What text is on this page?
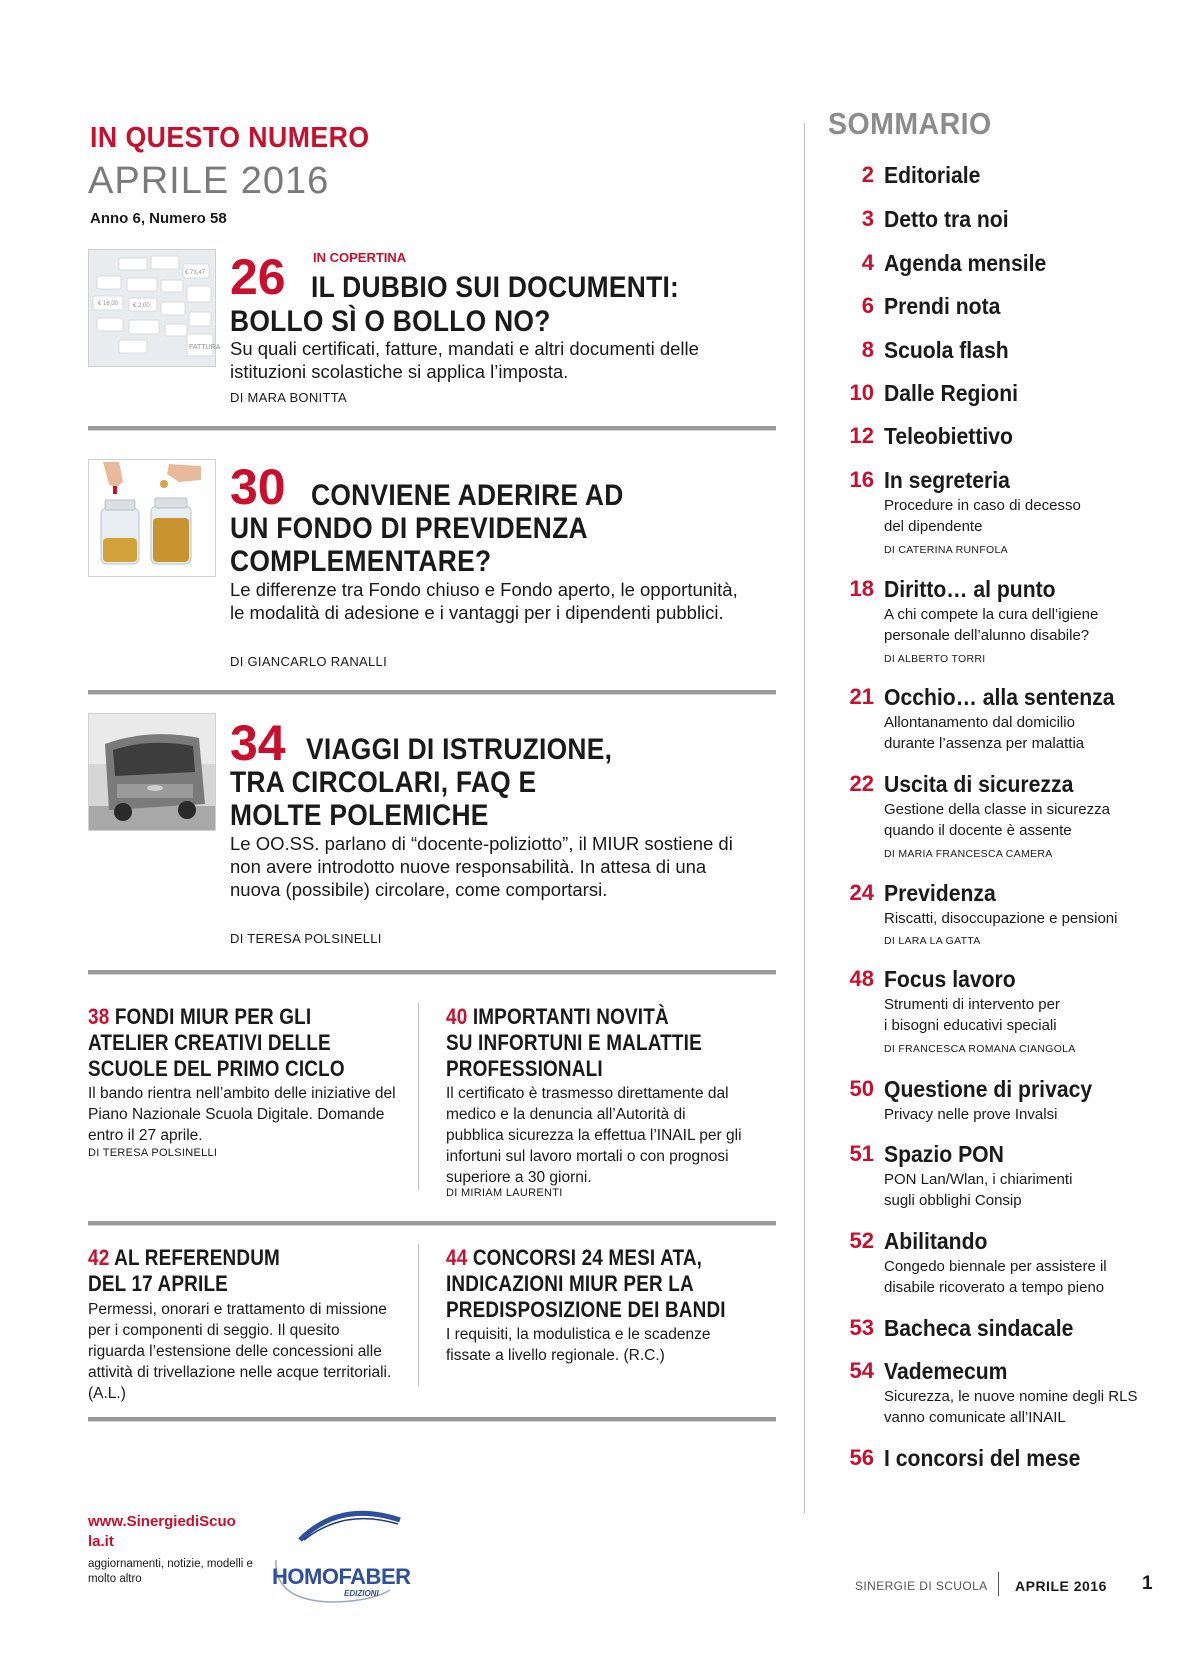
IN QUESTO NUMERO
APRILE 2016
Anno 6, Numero 58
€ 16,00 € 2,00
€ 73,47
FATTURA
IN COPERTINA
26 IL DUBBIO SUI DOCUMENTI:
BOLLO SÌ O BOLLO NO?
Su quali certificati, fatture, mandati e altri documenti delle istituzioni scolastiche si applica l’imposta.
DI MARA BONITTA
30 CONVIENE ADERIRE AD
UN FONDO DI PREVIDENZA
COMPLEMENTARE?
Le differenze tra Fondo chiuso e Fondo aperto, le opportunità, le modalità di adesione e i vantaggi per i dipendenti pubblici.
DI GIANCARLO RANALLI
34 VIAGGI DI ISTRUZIONE,
TRA CIRCOLARI, FAQ E
MOLTE POLEMICHE
Le OO.SS. parlano di “docente-poliziotto”, il MIUR sostiene di non avere introdotto nuove responsabilità. In attesa di una nuova (possibile) circolare, come comportarsi.
DI TERESA POLSINELLI
38 FONDI MIUR PER GLI
ATELIER CREATIVI DELLE
SCUOLE DEL PRIMO CICLO
Il bando rientra nell’ambito delle iniziative del Piano Nazionale Scuola Digitale. Domande entro il 27 aprile.
DI TERESA POLSINELLI
40 IMPORTANTI NOVITÀ
SU INFORTUNI E MALATTIE
PROFESSIONALI
Il certificato è trasmesso direttamente dal medico e la denuncia all’Autorità di pubblica sicurezza la effettua l’INAIL per gli infortuni sul lavoro mortali o con prognosi superiore a 30 giorni.
DI MIRIAM LAURENTI
42 AL REFERENDUM
DEL 17 APRILE
Permessi, onorari e trattamento di missione per i componenti di seggio. Il quesito riguarda l’estensione delle concessioni alle attività di trivellazione nelle acque territoriali. (A.L.)
44 CONCORSI 24 MESI ATA,
INDICAZIONI MIUR PER LA
PREDISPOSIZIONE DEI BANDI
I requisiti, la modulistica e le scadenze fissate a livello regionale. (R.C.)
SOMMARIO
2 Editoriale
3 Detto tra noi
4 Agenda mensile
6 Prendi nota
8 Scuola flash
10 Dalle Regioni
12 Teleobiettivo
16 In segreteria
Procedure in caso di decesso
del dipendente
DI CATERINA RUNFOLA
18 Diritto… al punto
A chi compete la cura dell’igiene
personale dell’alunno disabile?
DI ALBERTO TORRI
21 Occhio… alla sentenza
Allontanamento dal domicilio
durante l’assenza per malattia
22 Uscita di sicurezza
Gestione della classe in sicurezza
quando il docente è assente
DI MARIA FRANCESCA CAMERA
24 Previdenza
Riscatti, disoccupazione e pensioni
DI LARA LA GATTA
48 Focus lavoro
Strumenti di intervento per
i bisogni educativi speciali
DI FRANCESCA ROMANA CIANGOLA
50 Questione di privacy
Privacy nelle prove Invalsi
51 Spazio PON
PON Lan/Wlan, i chiarimenti
sugli obblighi Consip
52 Abilitando
Congedo biennale per assistere il
disabile ricoverato a tempo pieno
53 Bacheca sindacale
54 Vademecum
Sicurezza, le nuove nomine degli RLS
vanno comunicate all’INAIL
56 I concorsi del mese
www.SinergiediScuola.it
aggiornamenti, notizie, modelli e molto altro	HOMOFABER
EDIZIONI
SINERGIE DI SCUOLA APRILE 2016 1
